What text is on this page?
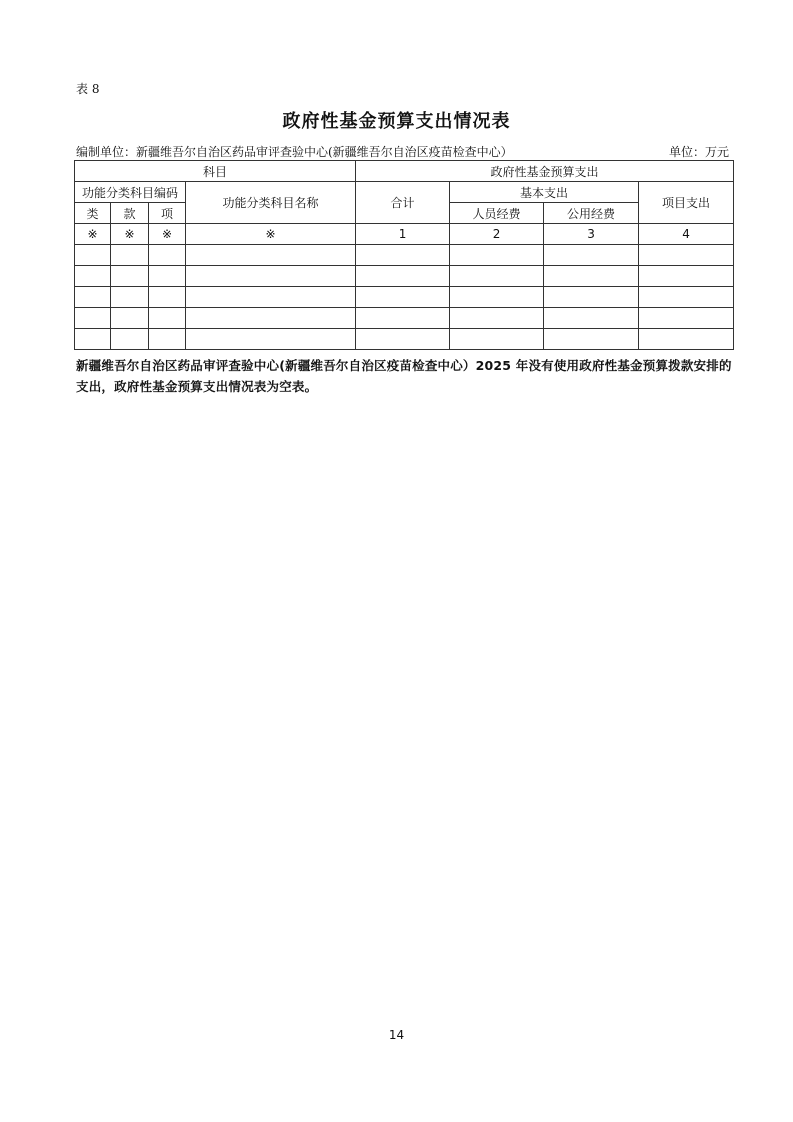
表 8
政府性基金预算支出情况表
编制单位：新疆维吾尔自治区药品审评查验中心(新疆维吾尔自治区疫苗检查中心）	单位：万元
科目				政府性基金预算支出			
功能分类科目编码			功能分类科目名称	合计	基本支出		项目支出
类	款	项			人员经费	公用经费	
※	※	※	※	1	2	3	4

新疆维吾尔自治区药品审评查验中心(新疆维吾尔自治区疫苗检查中心）2025 年没有使用政府性基金预算拨款安排的支出，政府性基金预算支出情况表为空表。
14
